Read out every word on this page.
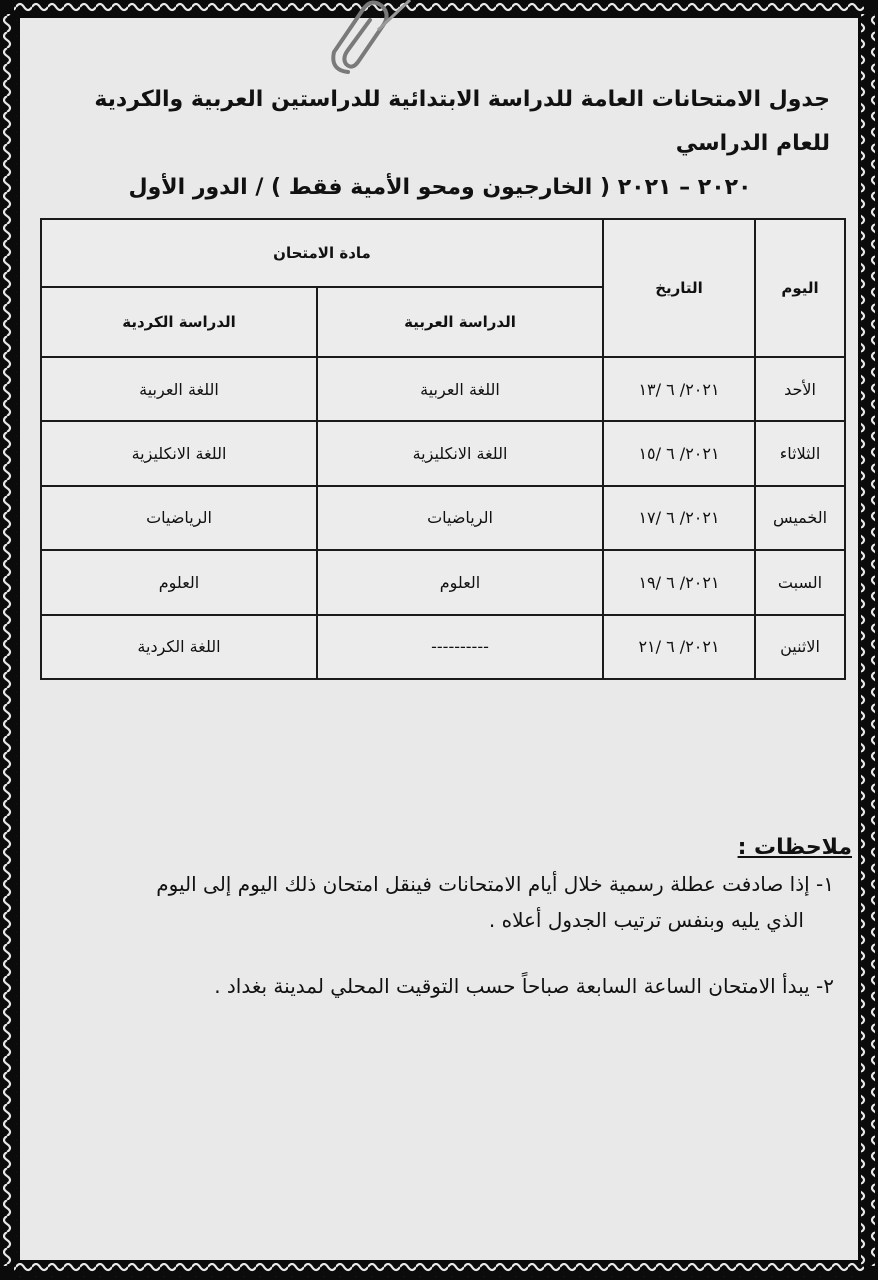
جدول الامتحانات العامة للدراسة الابتدائية للدراستين العربية والكردية للعام الدراسي
٢٠٢٠ – ٢٠٢١ ( الخارجيون ومحو الأمية فقط ) / الدور الأول
اليوم	التاريخ	مادة الامتحان	
		الدراسة العربية	الدراسة الكردية
الأحد	٢٠٢١/ ٦ /١٣	اللغة العربية	اللغة العربية
الثلاثاء	٢٠٢١/ ٦ /١٥	اللغة الانكليزية	اللغة الانكليزية
الخميس	٢٠٢١/ ٦ /١٧	الرياضيات	الرياضيات
السبت	٢٠٢١/ ٦ /١٩	العلوم	العلوم
الاثنين	٢٠٢١/ ٦ /٢١	----------	اللغة الكردية
ملاحظات :
١- إذا صادفت عطلة رسمية خلال أيام الامتحانات فينقل امتحان ذلك اليوم إلى اليوم
الذي يليه وبنفس ترتيب الجدول أعلاه .
٢- يبدأ الامتحان الساعة السابعة صباحاً حسب التوقيت المحلي لمدينة بغداد .
